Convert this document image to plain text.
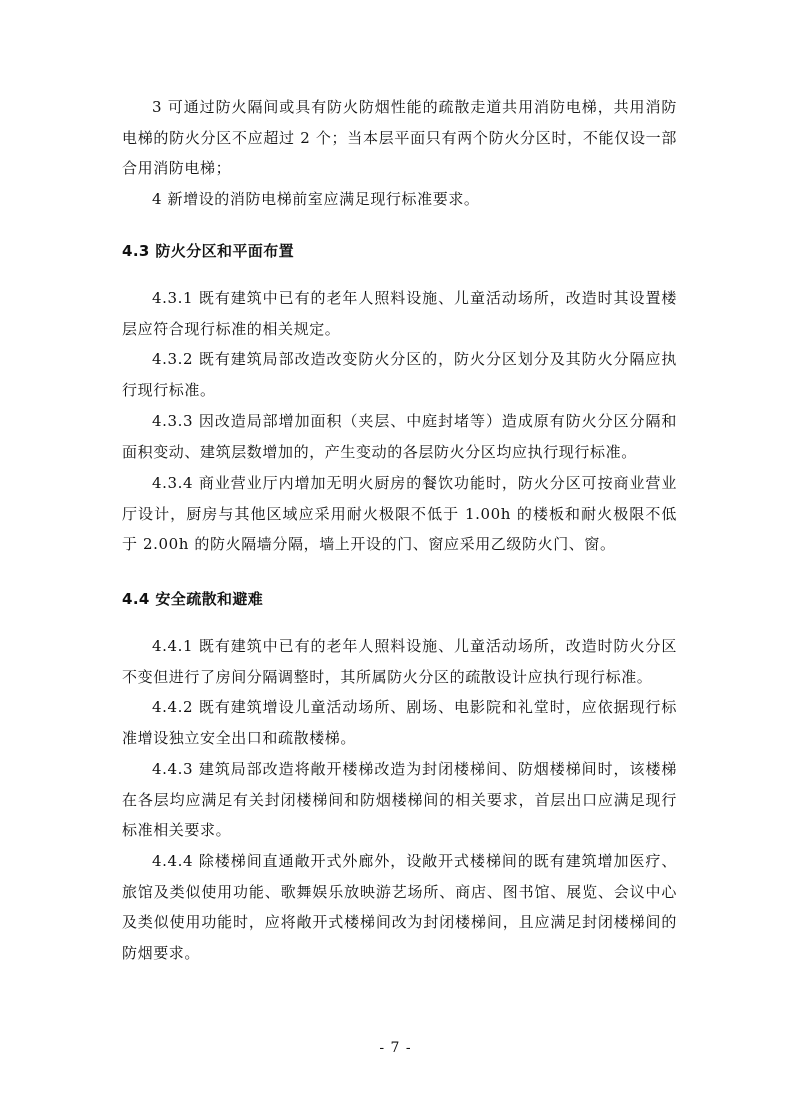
3 可通过防火隔间或具有防火防烟性能的疏散走道共用消防电梯，共用消防电梯的防火分区不应超过 2 个；当本层平面只有两个防火分区时，不能仅设一部合用消防电梯；

4 新增设的消防电梯前室应满足现行标准要求。

4.3 防火分区和平面布置

4.3.1 既有建筑中已有的老年人照料设施、儿童活动场所，改造时其设置楼层应符合现行标准的相关规定。

4.3.2 既有建筑局部改造改变防火分区的，防火分区划分及其防火分隔应执行现行标准。

4.3.3 因改造局部增加面积（夹层、中庭封堵等）造成原有防火分区分隔和面积变动、建筑层数增加的，产生变动的各层防火分区均应执行现行标准。

4.3.4 商业营业厅内增加无明火厨房的餐饮功能时，防火分区可按商业营业厅设计，厨房与其他区域应采用耐火极限不低于 1.00h 的楼板和耐火极限不低于 2.00h 的防火隔墙分隔，墙上开设的门、窗应采用乙级防火门、窗。

4.4 安全疏散和避难

4.4.1 既有建筑中已有的老年人照料设施、儿童活动场所，改造时防火分区不变但进行了房间分隔调整时，其所属防火分区的疏散设计应执行现行标准。

4.4.2 既有建筑增设儿童活动场所、剧场、电影院和礼堂时，应依据现行标准增设独立安全出口和疏散楼梯。

4.4.3 建筑局部改造将敞开楼梯改造为封闭楼梯间、防烟楼梯间时，该楼梯在各层均应满足有关封闭楼梯间和防烟楼梯间的相关要求，首层出口应满足现行标准相关要求。

4.4.4 除楼梯间直通敞开式外廊外，设敞开式楼梯间的既有建筑增加医疗、旅馆及类似使用功能、歌舞娱乐放映游艺场所、商店、图书馆、展览、会议中心及类似使用功能时，应将敞开式楼梯间改为封闭楼梯间，且应满足封闭楼梯间的防烟要求。

- 7 -
